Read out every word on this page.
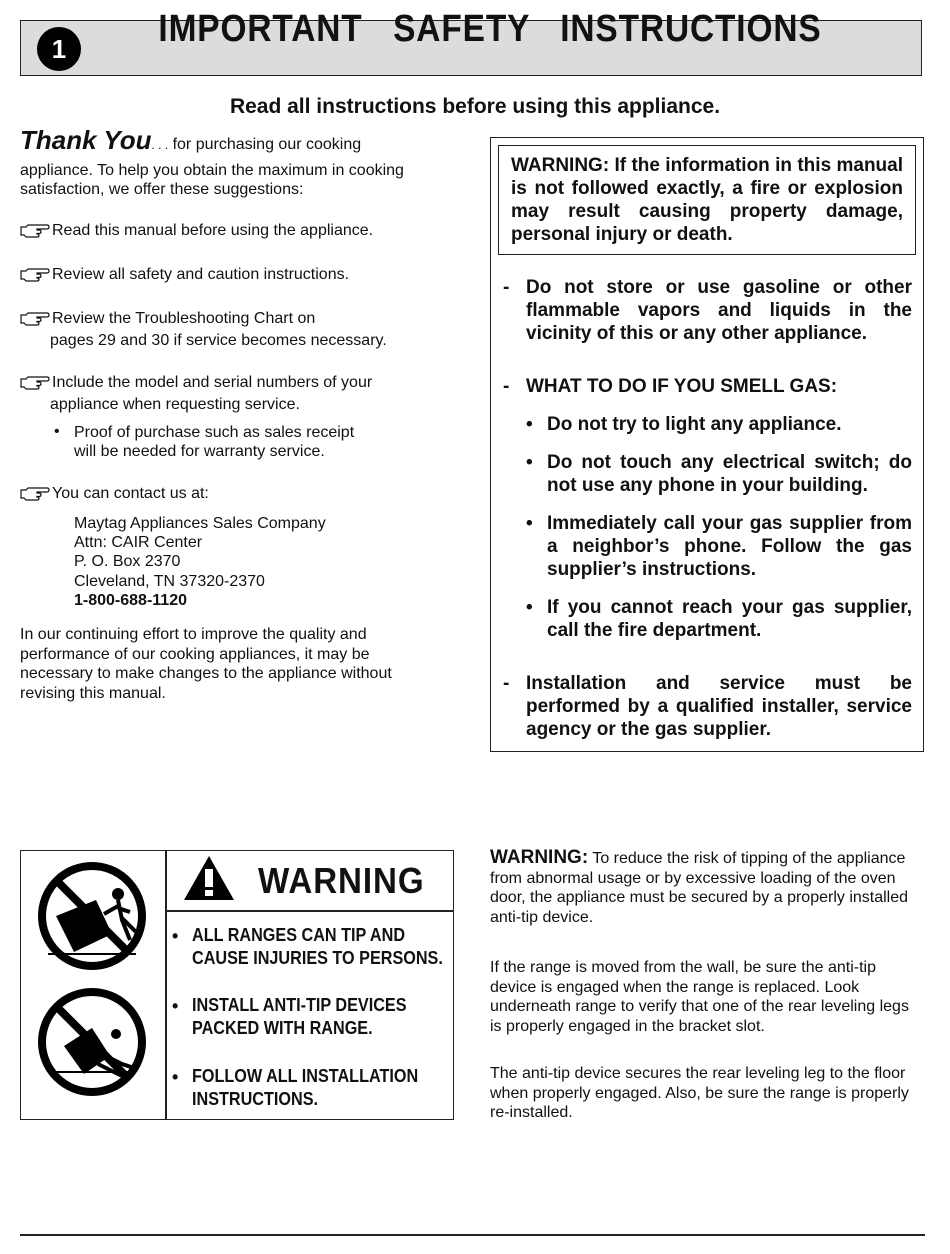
1	IMPORTANT   SAFETY   INSTRUCTIONS
Read all instructions before using this appliance.
Thank You. . . for purchasing our cooking
appliance. To help you obtain the maximum in cooking
satisfaction, we offer these suggestions:
Read this manual before using the appliance.
Review all safety and caution instructions.
Review the Troubleshooting Chart on
pages 29 and 30 if service becomes necessary.
Include the model and serial numbers of your
appliance when requesting service.
• Proof of purchase such as sales receipt
will be needed for warranty service.
You can contact us at:
Maytag Appliances Sales Company
Attn: CAIR Center
P. O. Box 2370
Cleveland, TN 37320-2370
1-800-688-1120
In our continuing effort to improve the quality and performance of our cooking appliances, it may be necessary to make changes to the appliance without revising this manual.
WARNING: If the information in this manual is not followed exactly, a fire or explosion may result causing property damage, personal injury or death.
- Do not store or use gasoline or other flammable vapors and liquids in the vicinity of this or any other appliance.
- WHAT TO DO IF YOU SMELL GAS:
• Do not try to light any appliance.
• Do not touch any electrical switch; do not use any phone in your building.
• Immediately call your gas supplier from a neighbor’s phone. Follow the gas supplier’s instructions.
• If you cannot reach your gas supplier, call the fire department.
- Installation and service must be performed by a qualified installer, service agency or the gas supplier.
WARNING
• ALL RANGES CAN TIP AND
CAUSE INJURIES TO PERSONS.
• INSTALL ANTI-TIP DEVICES
PACKED WITH RANGE.
• FOLLOW ALL INSTALLATION
INSTRUCTIONS.
WARNING: To reduce the risk of tipping of the appliance from abnormal usage or by excessive loading of the oven door, the appliance must be secured by a properly installed anti-tip device.
If the range is moved from the wall, be sure the anti-tip device is engaged when the range is replaced. Look underneath range to verify that one of the rear leveling legs is properly engaged in the bracket slot.
The anti-tip device secures the rear leveling leg to the floor when properly engaged. Also, be sure the range is properly re-installed.
